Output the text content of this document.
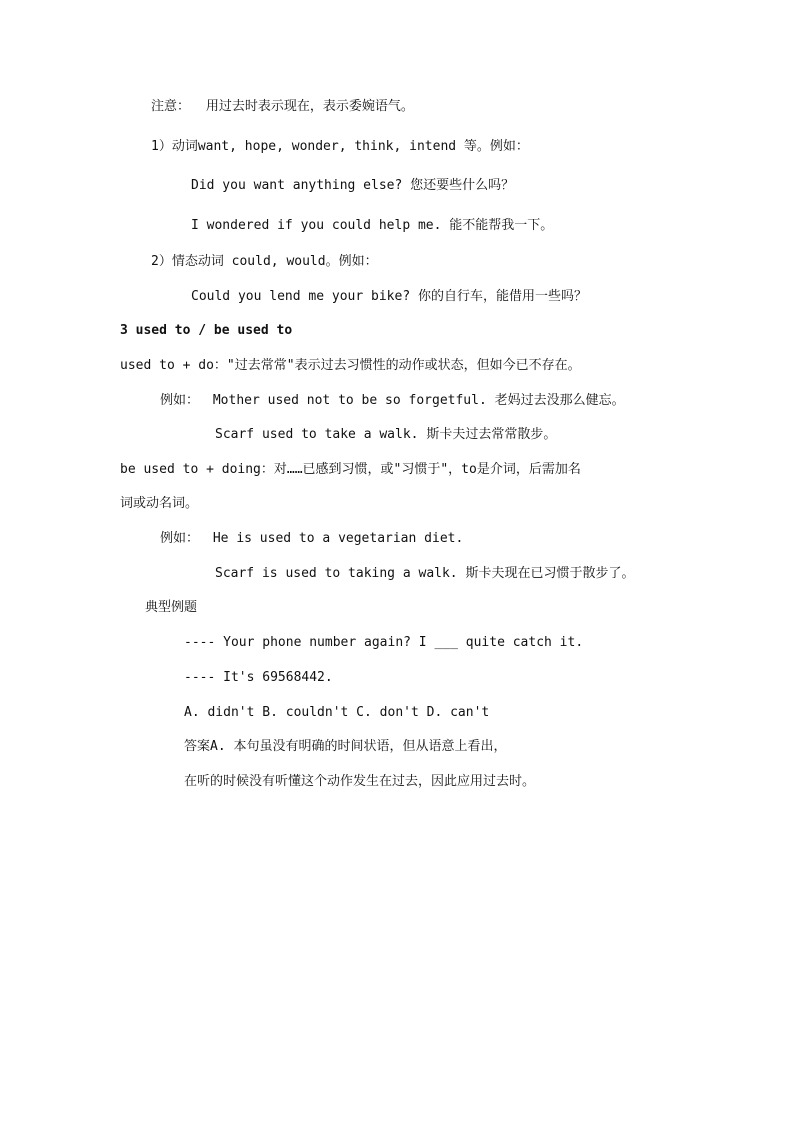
注意： 用过去时表示现在，表示委婉语气。
1）动词want, hope, wonder, think, intend 等。例如：
Did you want anything else? 您还要些什么吗？
I wondered if you could help me. 能不能帮我一下。
2）情态动词 could, would。例如：
Could you lend me your bike? 你的自行车，能借用一些吗？
3 used to / be used to
used to + do："过去常常"表示过去习惯性的动作或状态，但如今已不存在。
例如： Mother used not to be so forgetful. 老妈过去没那么健忘。
Scarf used to take a walk. 斯卡夫过去常常散步。
be used to + doing：对……已感到习惯，或"习惯于"，to是介词，后需加名
词或动名词。
例如： He is used to a vegetarian diet.
Scarf is used to taking a walk. 斯卡夫现在已习惯于散步了。
典型例题
---- Your phone number again? I ___ quite catch it.
---- It's 69568442.
A. didn't B. couldn't C. don't D. can't
答案A. 本句虽没有明确的时间状语，但从语意上看出，
在听的时候没有听懂这个动作发生在过去，因此应用过去时。
